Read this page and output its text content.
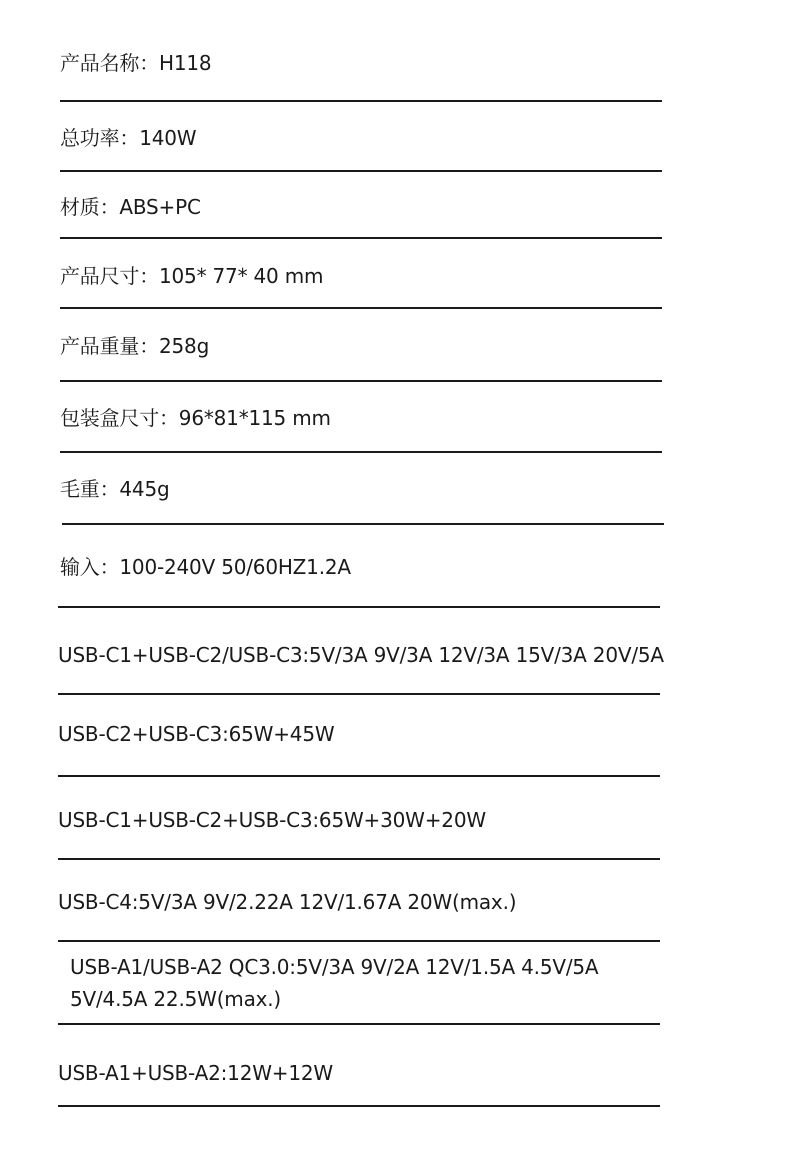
产品名称：H118
总功率：140W
材质：ABS+PC
产品尺寸：105* 77* 40 mm
产品重量：258g
包装盒尺寸：96*81*115 mm
毛重：445g
输入：100-240V 50/60HZ1.2A
USB-C1+USB-C2/USB-C3:5V/3A 9V/3A 12V/3A 15V/3A 20V/5A
USB-C2+USB-C3:65W+45W
USB-C1+USB-C2+USB-C3:65W+30W+20W
USB-C4:5V/3A 9V/2.22A 12V/1.67A 20W(max.)
USB-A1/USB-A2 QC3.0:5V/3A 9V/2A 12V/1.5A 4.5V/5A
5V/4.5A 22.5W(max.)
USB-A1+USB-A2:12W+12W
